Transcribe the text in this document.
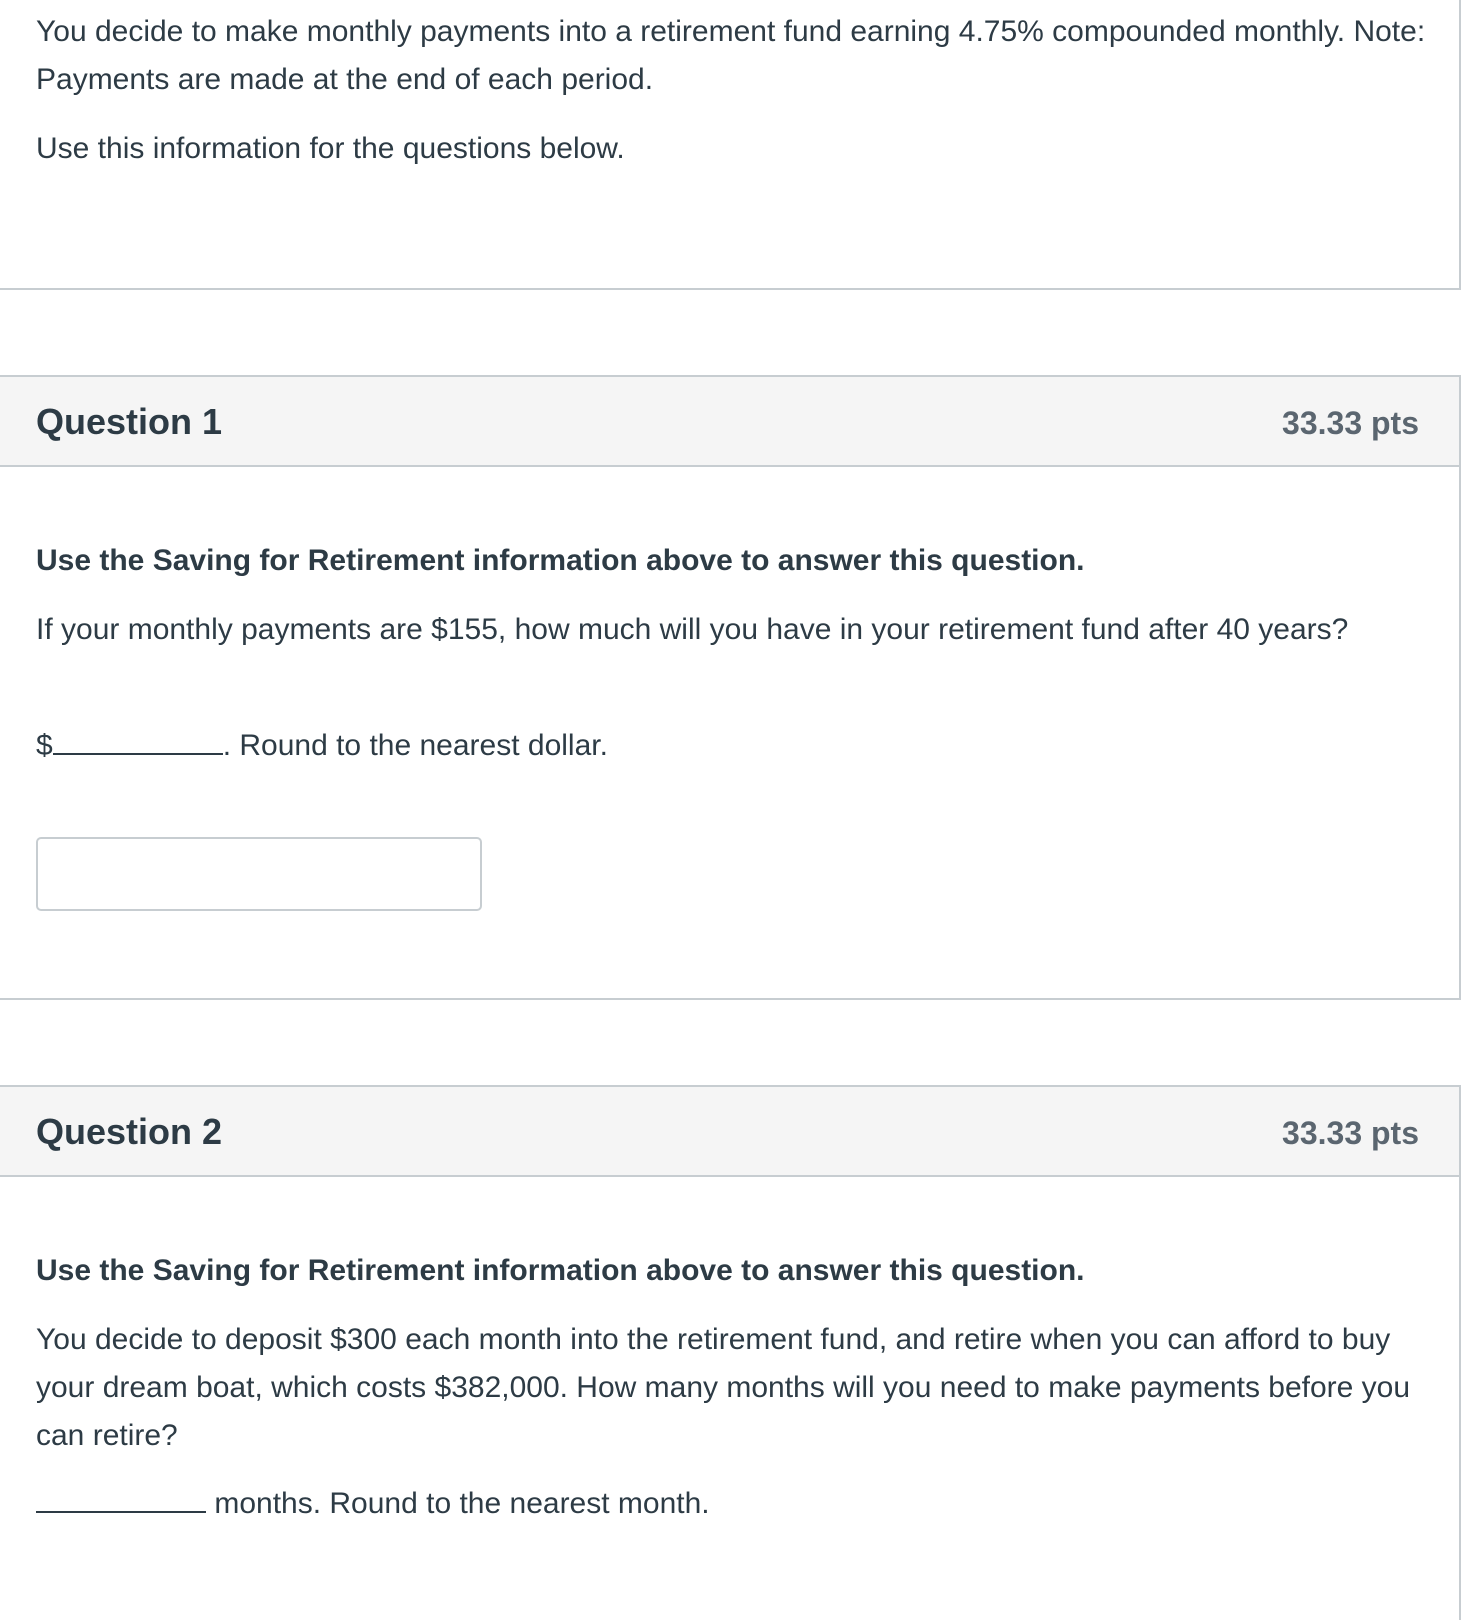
You decide to make monthly payments into a retirement fund earning 4.75% compounded monthly. Note: Payments are made at the end of each period.

Use this information for the questions below.

Question 1	33.33 pts

Use the Saving for Retirement information above to answer this question.

If your monthly payments are $155, how much will you have in your retirement fund after 40 years?

$	. Round to the nearest dollar.

Question 2	33.33 pts

Use the Saving for Retirement information above to answer this question.

You decide to deposit $300 each month into the retirement fund, and retire when you can afford to buy your dream boat, which costs $382,000. How many months will you need to make payments before you can retire?

months. Round to the nearest month.
